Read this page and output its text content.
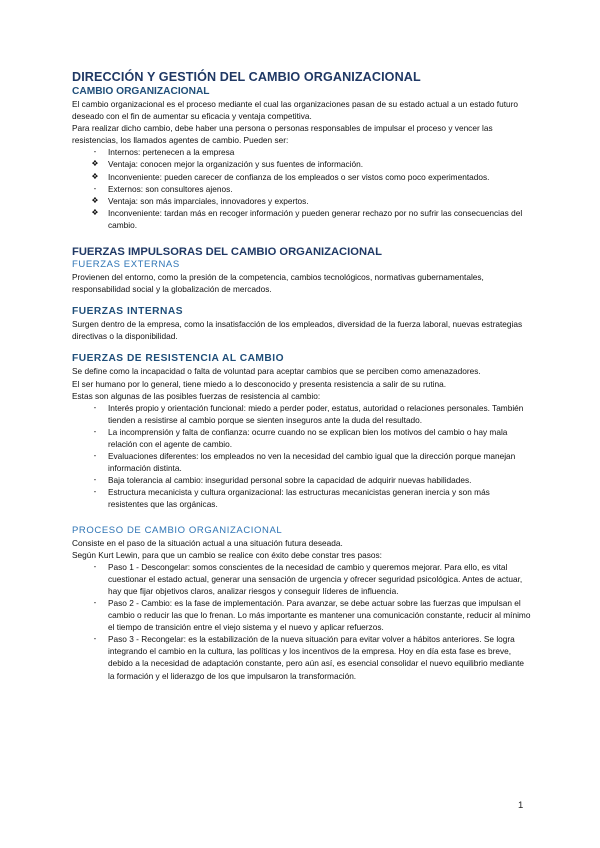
DIRECCIÓN Y GESTIÓN DEL CAMBIO ORGANIZACIONAL
CAMBIO ORGANIZACIONAL

El cambio organizacional es el proceso mediante el cual las organizaciones pasan de su estado actual a un estado futuro deseado con el fin de aumentar su eficacia y ventaja competitiva.

Para realizar dicho cambio, debe haber una persona o personas responsables de impulsar el proceso y vencer las resistencias, los llamados agentes de cambio. Pueden ser:

-	Internos: pertenecen a la empresa
❖ Ventaja: conocen mejor la organización y sus fuentes de información.
❖ Inconveniente: pueden carecer de confianza de los empleados o ser vistos como poco experimentados.
-	Externos: son consultores ajenos.
❖ Ventaja: son más imparciales, innovadores y expertos.
❖ Inconveniente: tardan más en recoger información y pueden generar rechazo por no sufrir las consecuencias del cambio.
FUERZAS IMPULSORAS DEL CAMBIO ORGANIZACIONAL
FUERZAS EXTERNAS

Provienen del entorno, como la presión de la competencia, cambios tecnológicos, normativas gubernamentales, responsabilidad social y la globalización de mercados.

FUERZAS INTERNAS

Surgen dentro de la empresa, como la insatisfacción de los empleados, diversidad de la fuerza laboral, nuevas estrategias directivas o la disponibilidad.

FUERZAS DE RESISTENCIA AL CAMBIO

Se define como la incapacidad o falta de voluntad para aceptar cambios que se perciben como amenazadores.

El ser humano por lo general, tiene miedo a lo desconocido y presenta resistencia a salir de su rutina.

Estas son algunas de las posibles fuerzas de resistencia al cambio:

-	Interés propio y orientación funcional: miedo a perder poder, estatus, autoridad o relaciones personales. También tienden a resistirse al cambio porque se sienten inseguros ante la duda del resultado.
-	La incomprensión y falta de confianza: ocurre cuando no se explican bien los motivos del cambio o hay mala relación con el agente de cambio.
-	Evaluaciones diferentes: los empleados no ven la necesidad del cambio igual que la dirección porque manejan información distinta.
-	Baja tolerancia al cambio: inseguridad personal sobre la capacidad de adquirir nuevas habilidades.
-	Estructura mecanicista y cultura organizacional: las estructuras mecanicistas generan inercia y son más resistentes que las orgánicas.
PROCESO DE CAMBIO ORGANIZACIONAL

Consiste en el paso de la situación actual a una situación futura deseada.

Según Kurt Lewin, para que un cambio se realice con éxito debe constar tres pasos:

-	Paso 1 - Descongelar: somos conscientes de la necesidad de cambio y queremos mejorar. Para ello, es vital cuestionar el estado actual, generar una sensación de urgencia y ofrecer seguridad psicológica. Antes de actuar, hay que fijar objetivos claros, analizar riesgos y conseguir líderes de influencia.
-	Paso 2 - Cambio: es la fase de implementación. Para avanzar, se debe actuar sobre las fuerzas que impulsan el cambio o reducir las que lo frenan. Lo más importante es mantener una comunicación constante, reducir al mínimo el tiempo de transición entre el viejo sistema y el nuevo y aplicar refuerzos.
-	Paso 3 - Recongelar: es la estabilización de la nueva situación para evitar volver a hábitos anteriores. Se logra integrando el cambio en la cultura, las políticas y los incentivos de la empresa. Hoy en día esta fase es breve, debido a la necesidad de adaptación constante, pero aún así, es esencial consolidar el nuevo equilibrio mediante la formación y el liderazgo de los que impulsaron la transformación.
1
